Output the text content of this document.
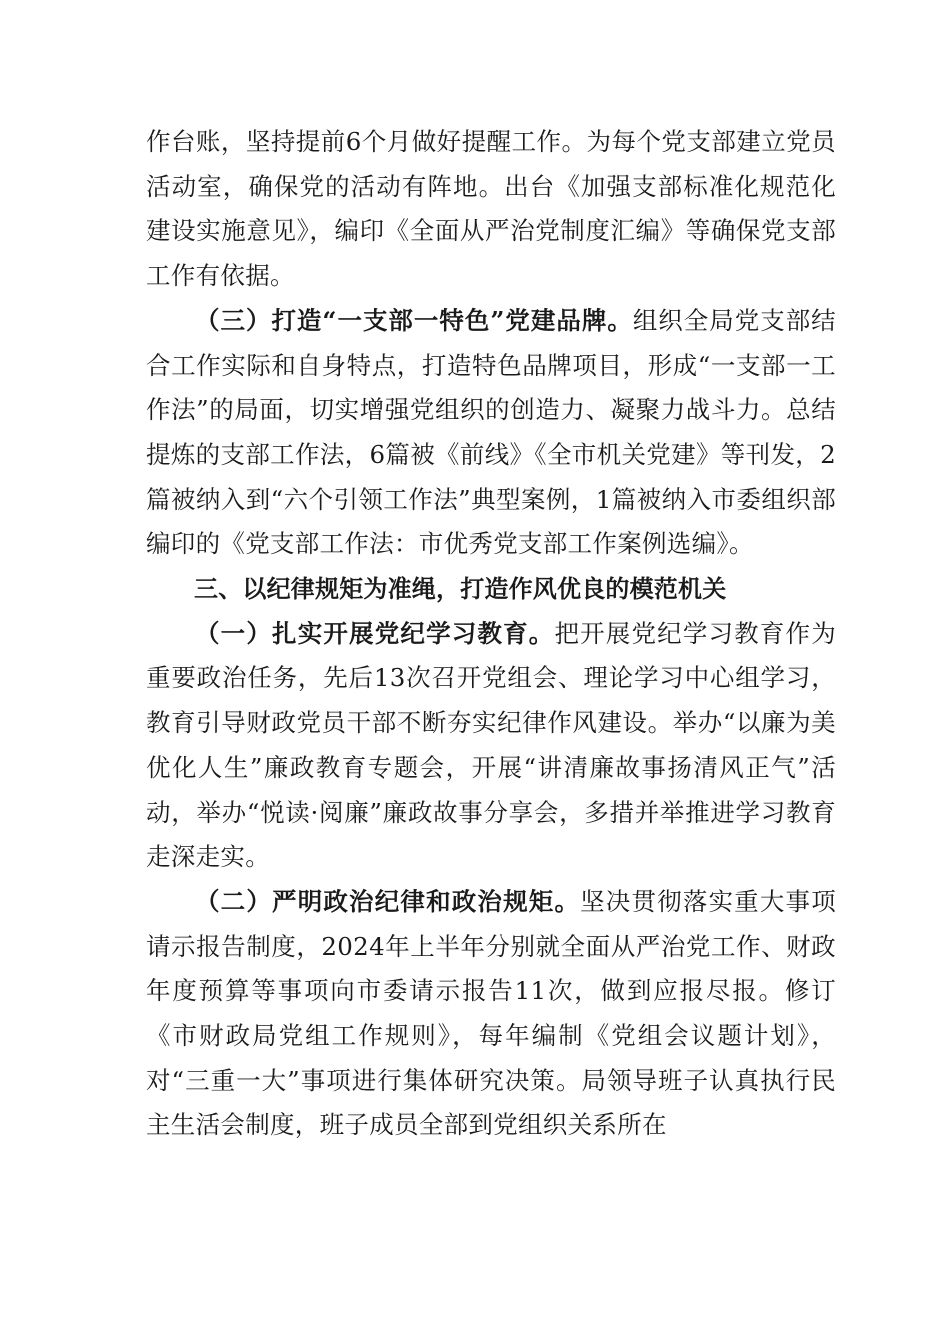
作台账，坚持提前6个月做好提醒工作。为每个党支部建立党员活动室，确保党的活动有阵地。出台《加强支部标准化规范化建设实施意见》，编印《全面从严治党制度汇编》等确保党支部工作有依据。

（三）打造“一支部一特色”党建品牌。组织全局党支部结合工作实际和自身特点，打造特色品牌项目，形成“一支部一工作法”的局面，切实增强党组织的创造力、凝聚力战斗力。总结提炼的支部工作法，6篇被《前线》《全市机关党建》等刊发，2篇被纳入到“六个引领工作法”典型案例，1篇被纳入市委组织部编印的《党支部工作法：市优秀党支部工作案例选编》。

三、以纪律规矩为准绳，打造作风优良的模范机关

（一）扎实开展党纪学习教育。把开展党纪学习教育作为重要政治任务，先后13次召开党组会、理论学习中心组学习，教育引导财政党员干部不断夯实纪律作风建设。举办“以廉为美优化人生”廉政教育专题会，开展“讲清廉故事扬清风正气”活动，举办“悦读·阅廉”廉政故事分享会，多措并举推进学习教育走深走实。

（二）严明政治纪律和政治规矩。坚决贯彻落实重大事项请示报告制度，2024年上半年分别就全面从严治党工作、财政年度预算等事项向市委请示报告11次，做到应报尽报。修订《市财政局党组工作规则》，每年编制《党组会议题计划》，对“三重一大”事项进行集体研究决策。局领导班子认真执行民主生活会制度，班子成员全部到党组织关系所在
